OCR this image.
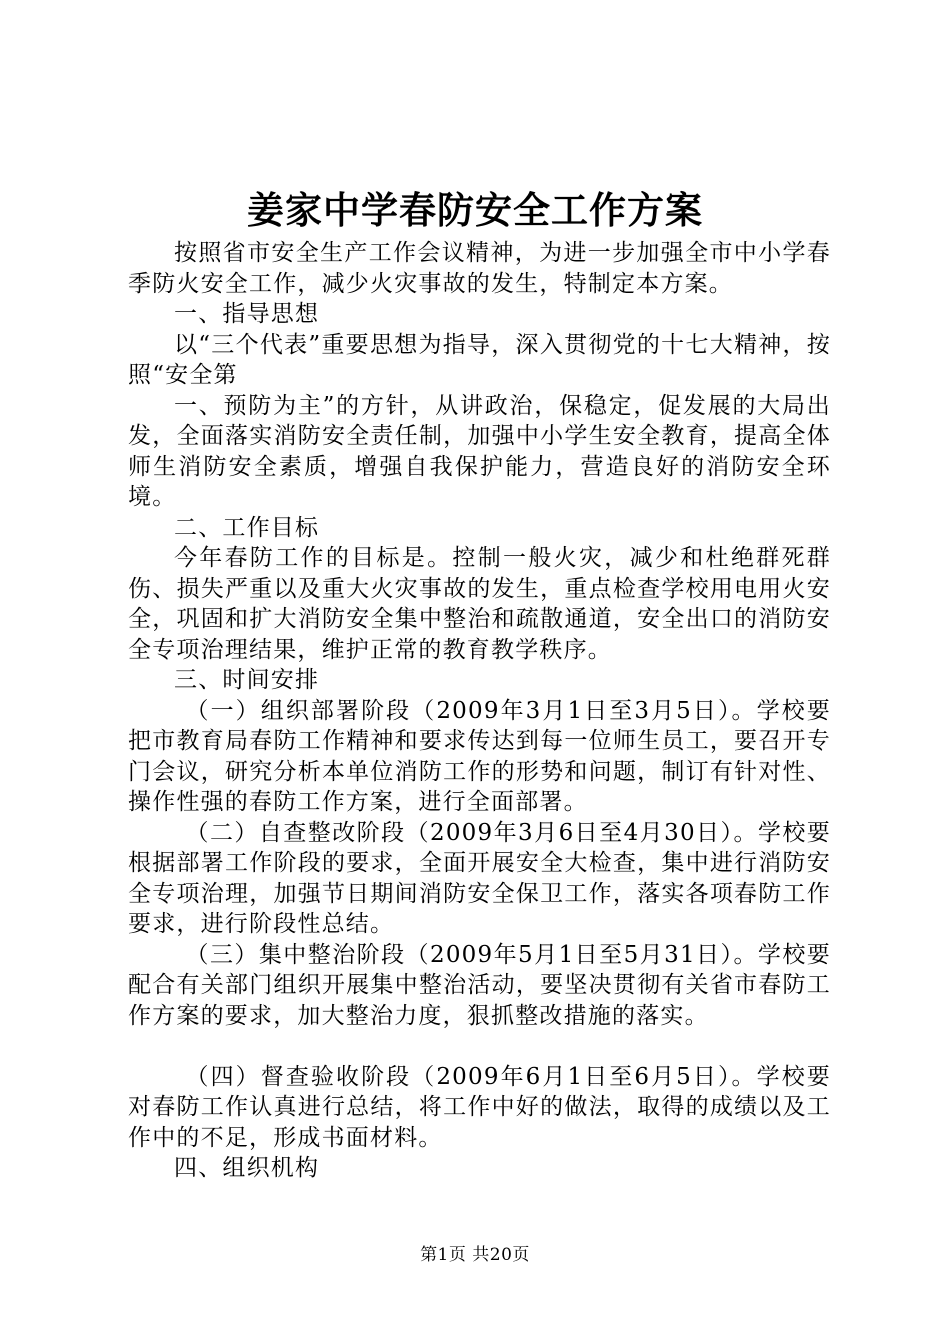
姜家中学春防安全工作方案

按照省市安全生产工作会议精神，为进一步加强全市中小学春季防火安全工作，减少火灾事故的发生，特制定本方案。

一、指导思想

以“三个代表”重要思想为指导，深入贯彻党的十七大精神，按照“安全第

一、预防为主”的方针，从讲政治，保稳定，促发展的大局出发，全面落实消防安全责任制，加强中小学生安全教育，提高全体师生消防安全素质，增强自我保护能力，营造良好的消防安全环境。

二、工作目标

今年春防工作的目标是。控制一般火灾，减少和杜绝群死群伤、损失严重以及重大火灾事故的发生，重点检查学校用电用火安全，巩固和扩大消防安全集中整治和疏散通道，安全出口的消防安全专项治理结果，维护正常的教育教学秩序。

三、时间安排

（一）组织部署阶段（2009年3月1日至3月5日）。学校要把市教育局春防工作精神和要求传达到每一位师生员工，要召开专门会议，研究分析本单位消防工作的形势和问题，制订有针对性、操作性强的春防工作方案，进行全面部署。

（二）自查整改阶段（2009年3月6日至4月30日）。学校要根据部署工作阶段的要求，全面开展安全大检查，集中进行消防安全专项治理，加强节日期间消防安全保卫工作，落实各项春防工作要求，进行阶段性总结。

（三）集中整治阶段（2009年5月1日至5月31日）。学校要配合有关部门组织开展集中整治活动，要坚决贯彻有关省市春防工作方案的要求，加大整治力度，狠抓整改措施的落实。

（四）督查验收阶段（2009年6月1日至6月5日）。学校要对春防工作认真进行总结，将工作中好的做法，取得的成绩以及工作中的不足，形成书面材料。

四、组织机构

第1页 共20页
